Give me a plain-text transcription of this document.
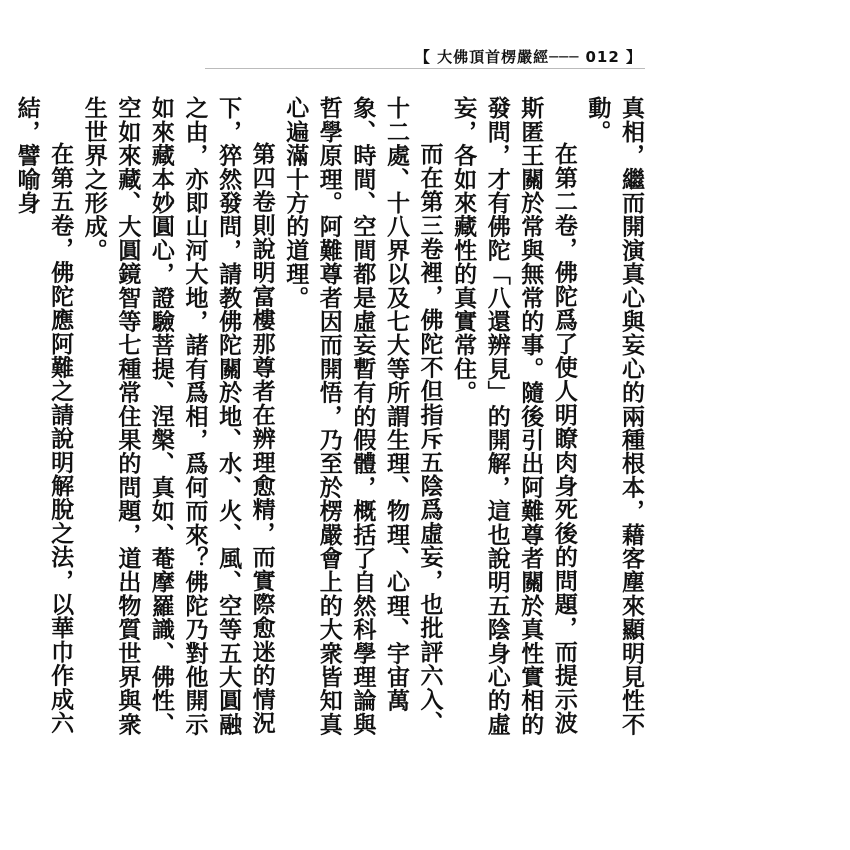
【 大佛頂首楞嚴經─── 012 】

真相，繼而開演真心與妄心的兩種根本，藉客塵來顯明見性不動。

在第二卷，佛陀爲了使人明瞭肉身死後的問題，而提示波斯匿王關於常與無常的事。隨後引出阿難尊者關於真性實相的發問，才有佛陀「八還辨見」的開解，這也說明五陰身心的虛妄，各如來藏性的真實常住。

而在第三卷裡，佛陀不但指斥五陰爲虛妄，也批評六入、十二處、十八界以及七大等所謂生理、物理、心理、宇宙萬象、時間、空間都是虛妄暫有的假體，概括了自然科學理論與哲學原理。阿難尊者因而開悟，乃至於楞嚴會上的大衆皆知真心遍滿十方的道理。

第四卷則說明富樓那尊者在辨理愈精，而實際愈迷的情況下，猝然發問，請教佛陀關於地、水、火、風、空等五大圓融之由，亦即山河大地，諸有爲相，爲何而來？佛陀乃對他開示如來藏本妙圓心，證驗菩提、涅槃、真如、菴摩羅識、佛性、空如來藏、大圓鏡智等七種常住果的問題，道出物質世界與衆生世界之形成。

在第五卷，佛陀應阿難之請說明解脫之法，以華巾作成六結，譬喻身
